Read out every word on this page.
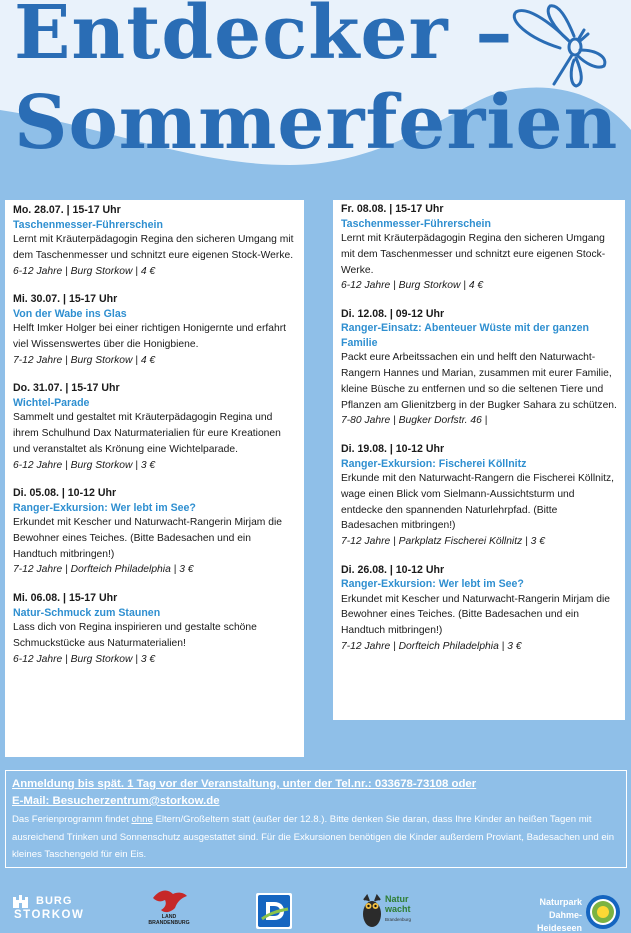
Entdecker –
Sommerferien
Mo. 28.07. | 15-17 Uhr
Taschenmesser-Führerschein
Lernt mit Kräuterpädagogin Regina den sicheren Umgang mit dem Taschenmesser und schnitzt eure eigenen Stock-Werke.
6-12 Jahre | Burg Storkow | 4 €
Mi. 30.07. | 15-17 Uhr
Von der Wabe ins Glas
Helft Imker Holger bei einer richtigen Honigernte und erfahrt viel Wissenswertes über die Honigbiene.
7-12 Jahre | Burg Storkow | 4 €
Do. 31.07. | 15-17 Uhr
Wichtel-Parade
Sammelt und gestaltet mit Kräuterpädagogin Regina und ihrem Schulhund Dax Naturmaterialien für eure Kreationen und veranstaltet als Krönung eine Wichtelparade.
6-12 Jahre | Burg Storkow | 3 €
Di. 05.08. | 10-12 Uhr
Ranger-Exkursion: Wer lebt im See?
Erkundet mit Kescher und Naturwacht-Rangerin Mirjam die Bewohner eines Teiches. (Bitte Badesachen und ein Handtuch mitbringen!)
7-12 Jahre | Dorfteich Philadelphia | 3 €
Mi. 06.08. | 15-17 Uhr
Natur-Schmuck zum Staunen
Lass dich von Regina inspirieren und gestalte schöne Schmuckstücke aus Naturmaterialien!
6-12 Jahre | Burg Storkow | 3 €
Fr. 08.08. | 15-17 Uhr
Taschenmesser-Führerschein
Lernt mit Kräuterpädagogin Regina den sicheren Umgang mit dem Taschenmesser und schnitzt eure eigenen Stock-Werke.
6-12 Jahre | Burg Storkow | 4 €
Di. 12.08. | 09-12 Uhr
Ranger-Einsatz: Abenteuer Wüste mit der ganzen Familie
Packt eure Arbeitssachen ein und helft den Naturwacht-Rangern Hannes und Marian, zusammen mit eurer Familie, kleine Büsche zu entfernen und so die seltenen Tiere und Pflanzen am Glienitzberg in der Bugker Sahara zu schützen.
7-80 Jahre | Bugker Dorfstr. 46 |
Di. 19.08. | 10-12 Uhr
Ranger-Exkursion: Fischerei Köllnitz
Erkunde mit den Naturwacht-Rangern die Fischerei Köllnitz, wage einen Blick vom Sielmann-Aussichtsturm und entdecke den spannenden Naturlehrpfad. (Bitte Badesachen mitbringen!)
7-12 Jahre | Parkplatz Fischerei Köllnitz | 3 €
Di. 26.08. | 10-12 Uhr
Ranger-Exkursion: Wer lebt im See?
Erkundet mit Kescher und Naturwacht-Rangerin Mirjam die Bewohner eines Teiches. (Bitte Badesachen und ein Handtuch mitbringen!)
7-12 Jahre | Dorfteich Philadelphia | 3 €
Anmeldung bis spät. 1 Tag vor der Veranstaltung, unter der Tel.nr.: 033678-73108 oder
E-Mail: Besucherzentrum@storkow.de
Das Ferienprogramm findet ohne Eltern/Großeltern statt (außer der 12.8.). Bitte denken Sie daran, dass Ihre Kinder an heißen Tagen mit ausreichend Trinken und Sonnenschutz ausgestattet sind. Für die Exkursionen benötigen die Kinder außerdem Proviant, Badesachen und ein kleines Taschengeld für ein Eis.
BURG
STORKOW	LAND
BRANDENBURG
Natur
wacht
Brandenburg
Naturpark
Dahme-Heideseen
